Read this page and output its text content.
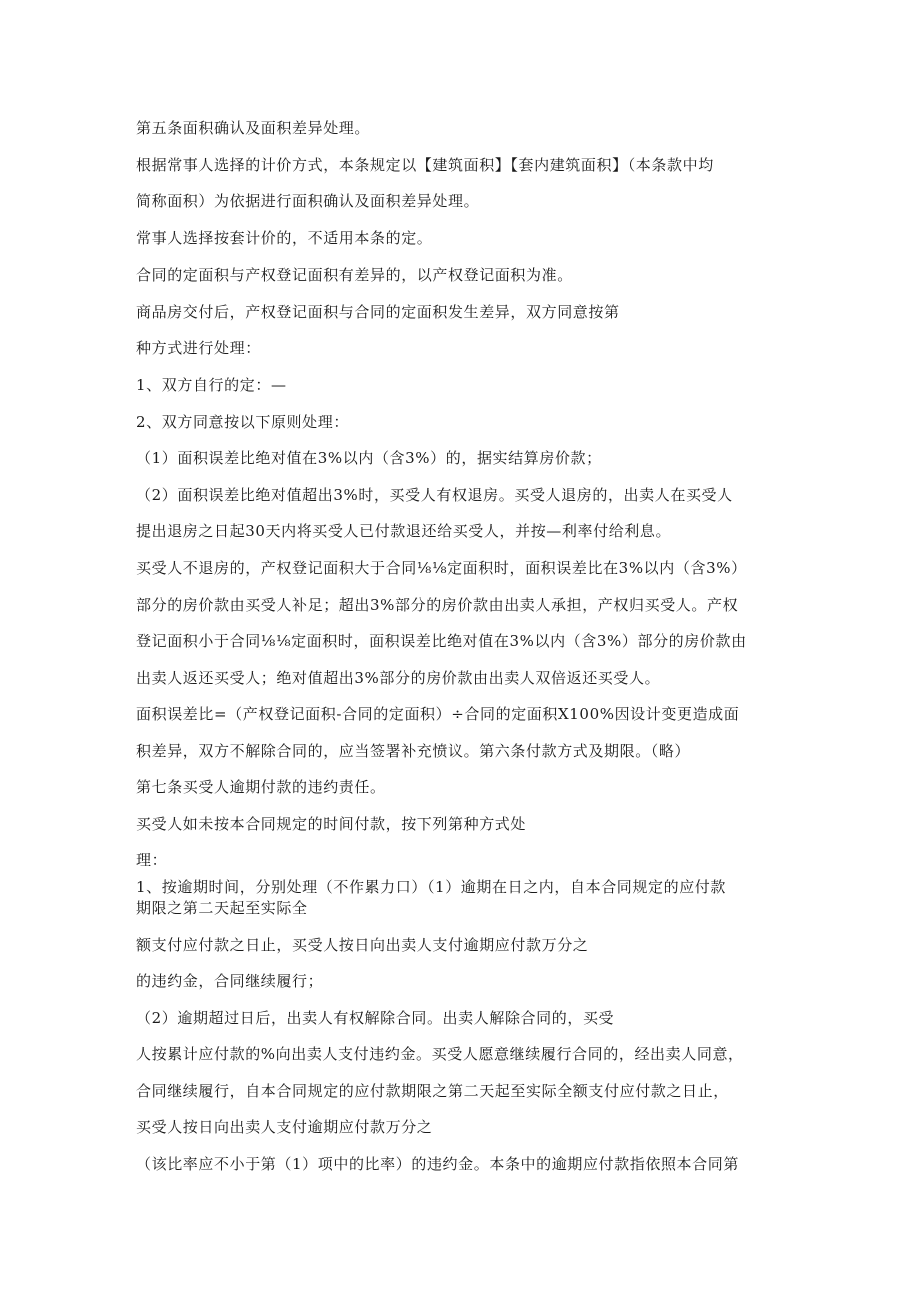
第五条面积确认及面积差异处理。

根据常事人选择的计价方式，本条规定以【建筑面积】【套内建筑面积】（本条款中均

简称面积）为依据进行面积确认及面积差异处理。

常事人选择按套计价的，不适用本条的定。

合同的定面积与产权登记面积有差异的，以产权登记面积为准。

商品房交付后，产权登记面积与合同的定面积发生差异，双方同意按第

种方式进行处理：

1、双方自行的定：—

2、双方同意按以下原则处理：

（1）面积误差比绝对值在3%以内（含3%）的，据实结算房价款；

（2）面积误差比绝对值超出3%时，买受人有权退房。买受人退房的，出卖人在买受人

提出退房之日起30天内将买受人已付款退还给买受人，并按—利率付给利息。

买受人不退房的，产权登记面积大于合同⅛⅛定面积时，面积误差比在3%以内（含3%）

部分的房价款由买受人补足；超出3%部分的房价款由出卖人承担，产权归买受人。产权

登记面积小于合同⅛⅛定面积时，面积误差比绝对值在3%以内（含3%）部分的房价款由

出卖人返还买受人；绝对值超出3%部分的房价款由出卖人双倍返还买受人。

面积误差比=（产权登记面积-合同的定面积）÷合同的定面积X100%因设计变更造成面

积差异，双方不解除合同的，应当签署补充愤议。第六条付款方式及期限。（略）

第七条买受人逾期付款的违约责任。

买受人如未按本合同规定的时间付款，按下列第种方式处

理：

1、按逾期时间，分别处理（不作累力口）（1）逾期在日之内，自本合同规定的应付款

期限之第二天起至实际全

额支付应付款之日止，买受人按日向出卖人支付逾期应付款万分之

的违约金，合同继续履行；

（2）逾期超过日后，出卖人有权解除合同。出卖人解除合同的，买受

人按累计应付款的%向出卖人支付违约金。买受人愿意继续履行合同的，经出卖人同意，

合同继续履行，自本合同规定的应付款期限之第二天起至实际全额支付应付款之日止，

买受人按日向出卖人支付逾期应付款万分之

（该比率应不小于第（1）项中的比率）的违约金。本条中的逾期应付款指依照本合同第
